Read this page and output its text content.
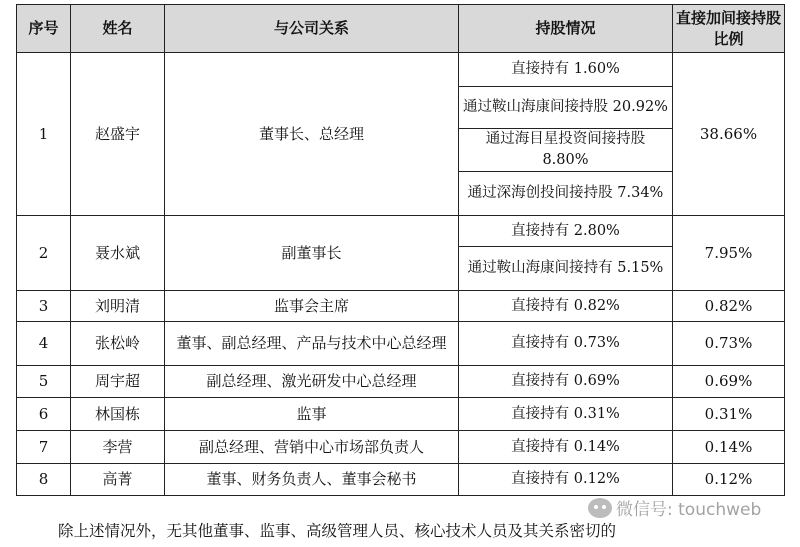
序号	姓名	与公司关系	持股情况	直接加间接持股比例
1	赵盛宇	董事长、总经理	直接持有 1.60%	38.66%
			通过鞍山海康间接持股 20.92%	
			通过海目星投资间接持股 8.80%	
			通过深海创投间接持股 7.34%	
2	聂水斌	副董事长	直接持有 2.80%	7.95%
			通过鞍山海康间接持有 5.15%	
3	刘明清	监事会主席	直接持有 0.82%	0.82%
4	张松岭	董事、副总经理、产品与技术中心总经理	直接持有 0.73%	0.73%
5	周宇超	副总经理、激光研发中心总经理	直接持有 0.69%	0.69%
6	林国栋	监事	直接持有 0.31%	0.31%
7	李营	副总经理、营销中心市场部负责人	直接持有 0.14%	0.14%
8	高菁	董事、财务负责人、董事会秘书	直接持有 0.12%	0.12%
微信号: touchweb
除上述情况外，无其他董事、监事、高级管理人员、核心技术人员及其关系密切的
